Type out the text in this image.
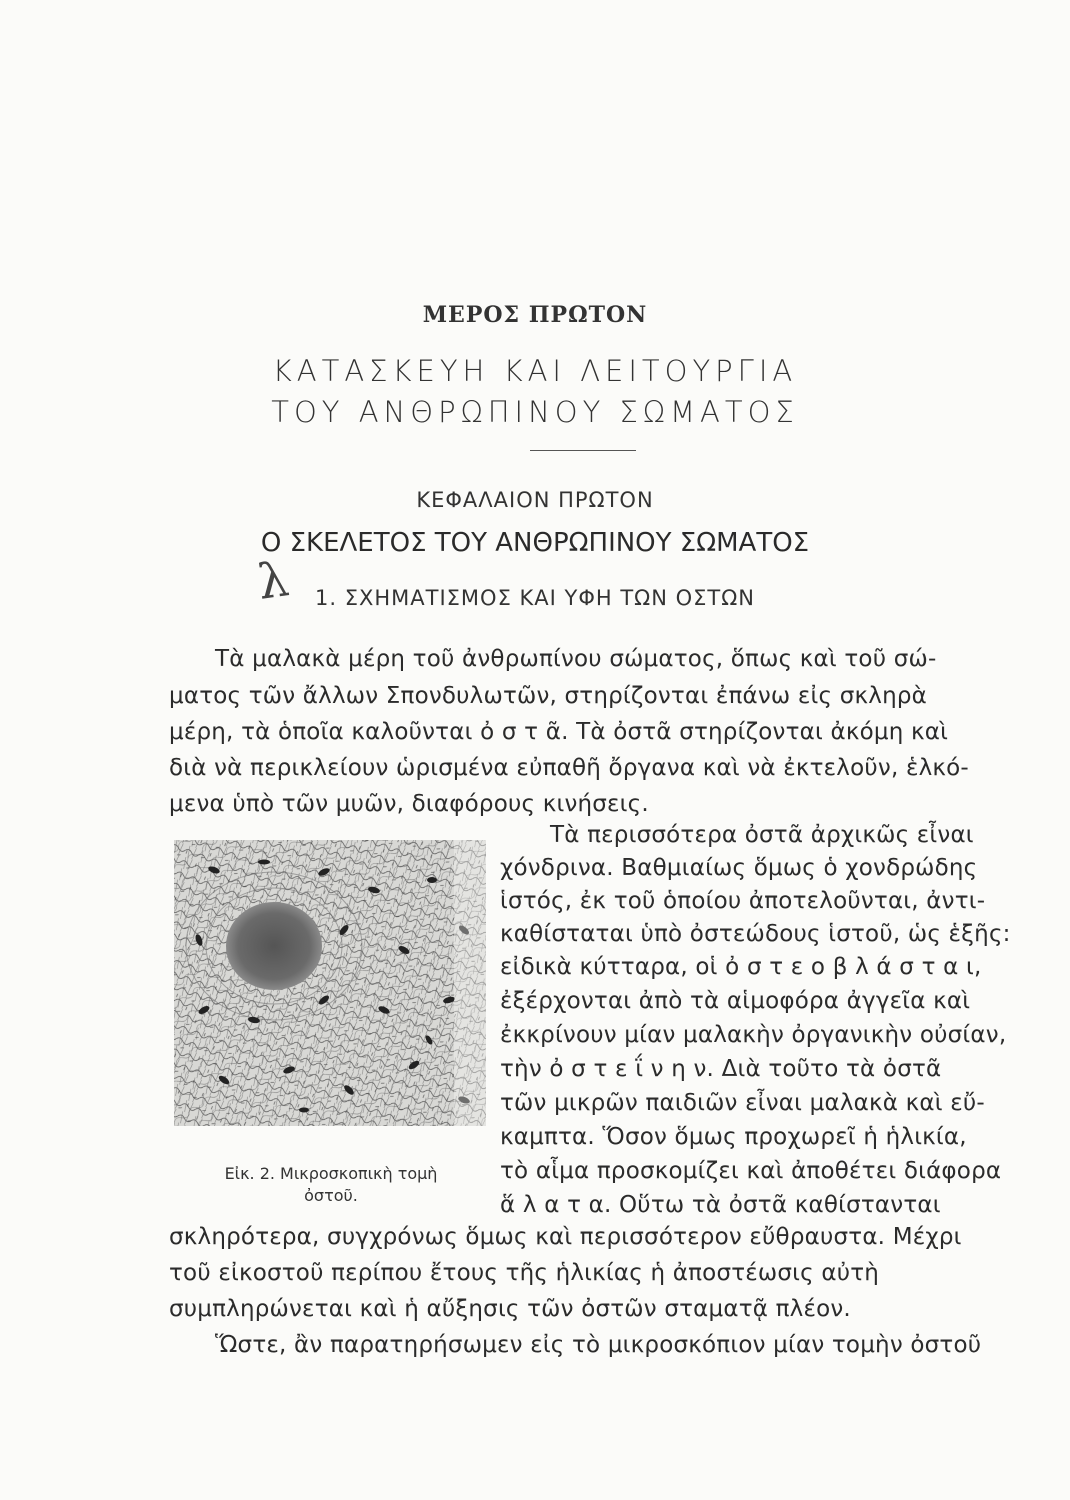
ΜΕΡΟΣ ΠΡΩΤΟΝ
ΚΑΤΑΣΚΕΥΗ ΚΑΙ ΛΕΙΤΟΥΡΓΙΑ
ΤΟΥ ΑΝΘΡΩΠΙΝΟΥ ΣΩΜΑΤΟΣ
ΚΕΦΑΛΑΙΟΝ ΠΡΩΤΟΝ
Ο ΣΚΕΛΕΤΟΣ ΤΟΥ ΑΝΘΡΩΠΙΝΟΥ ΣΩΜΑΤΟΣ
λ	1. ΣΧΗΜΑΤΙΣΜΟΣ ΚΑΙ ΥΦΗ ΤΩΝ ΟΣΤΩΝ
Τὰ μαλακὰ μέρη τοῦ ἀνθρωπίνου σώματος, ὅπως καὶ τοῦ σώ-
ματος τῶν ἄλλων Σπονδυλωτῶν, στηρίζονται ἐπάνω εἰς σκληρὰ
μέρη, τὰ ὁποῖα καλοῦνται ὀ σ τ ᾶ. Τὰ ὀστᾶ στηρίζονται ἀκόμη καὶ
διὰ νὰ περικλείουν ὡρισμένα εὐπαθῆ ὄργανα καὶ νὰ ἐκτελοῦν, ἑλκό-
μενα ὑπὸ τῶν μυῶν, διαφόρους κινήσεις.
Τὰ περισσότερα ὀστᾶ ἀρχικῶς εἶναι
χόνδρινα. Βαθμιαίως ὅμως ὁ χονδρώδης
ἱστός, ἐκ τοῦ ὁποίου ἀποτελοῦνται, ἀντι-
καθίσταται ὑπὸ ὀστεώδους ἱστοῦ, ὡς ἑξῆς:
εἰδικὰ κύτταρα, οἱ ὀ σ τ ε ο β λ ά σ τ α ι,
ἐξέρχονται ἀπὸ τὰ αἱμοφόρα ἀγγεῖα καὶ
ἐκκρίνουν μίαν μαλακὴν ὀργανικὴν οὐσίαν,
τὴν ὀ σ τ ε ΐ ν η ν. Διὰ τοῦτο τὰ ὀστᾶ
τῶν μικρῶν παιδιῶν εἶναι μαλακὰ καὶ εὔ-
καμπτα. Ὅσον ὅμως προχωρεῖ ἡ ἡλικία,
τὸ αἷμα προσκομίζει καὶ ἀποθέτει διάφορα
ἅ λ α τ α. Οὕτω τὰ ὀστᾶ καθίστανται
σκληρότερα, συγχρόνως ὅμως καὶ περισσότερον εὔθραυστα. Μέχρι
τοῦ εἰκοστοῦ περίπου ἔτους τῆς ἡλικίας ἡ ἀποστέωσις αὐτὴ
συμπληρώνεται καὶ ἡ αὔξησις τῶν ὀστῶν σταματᾷ πλέον.
Ὥστε, ἂν παρατηρήσωμεν εἰς τὸ μικροσκόπιον μίαν τομὴν ὀστοῦ
Εἰκ. 2. Μικροσκοπικὴ τομὴ
ὀστοῦ.
